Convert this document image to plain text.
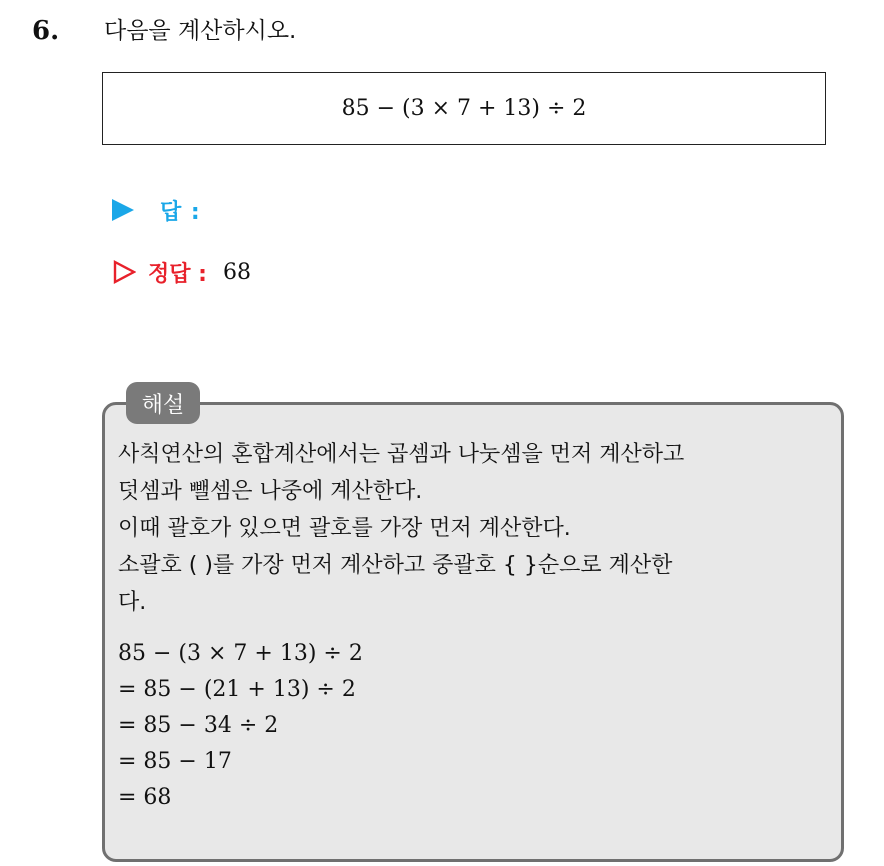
6. 다음을 계산하시오.
85 − (3 × 7 + 13) ÷ 2
답 :
정답 : 68
해설
사칙연산의 혼합계산에서는 곱셈과 나눗셈을 먼저 계산하고
덧셈과 뺄셈은 나중에 계산한다.
이때 괄호가 있으면 괄호를 가장 먼저 계산한다.
소괄호 ( )를 가장 먼저 계산하고 중괄호 { }순으로 계산한
다.
85 − (3 × 7 + 13) ÷ 2
= 85 − (21 + 13) ÷ 2
= 85 − 34 ÷ 2
= 85 − 17
= 68
